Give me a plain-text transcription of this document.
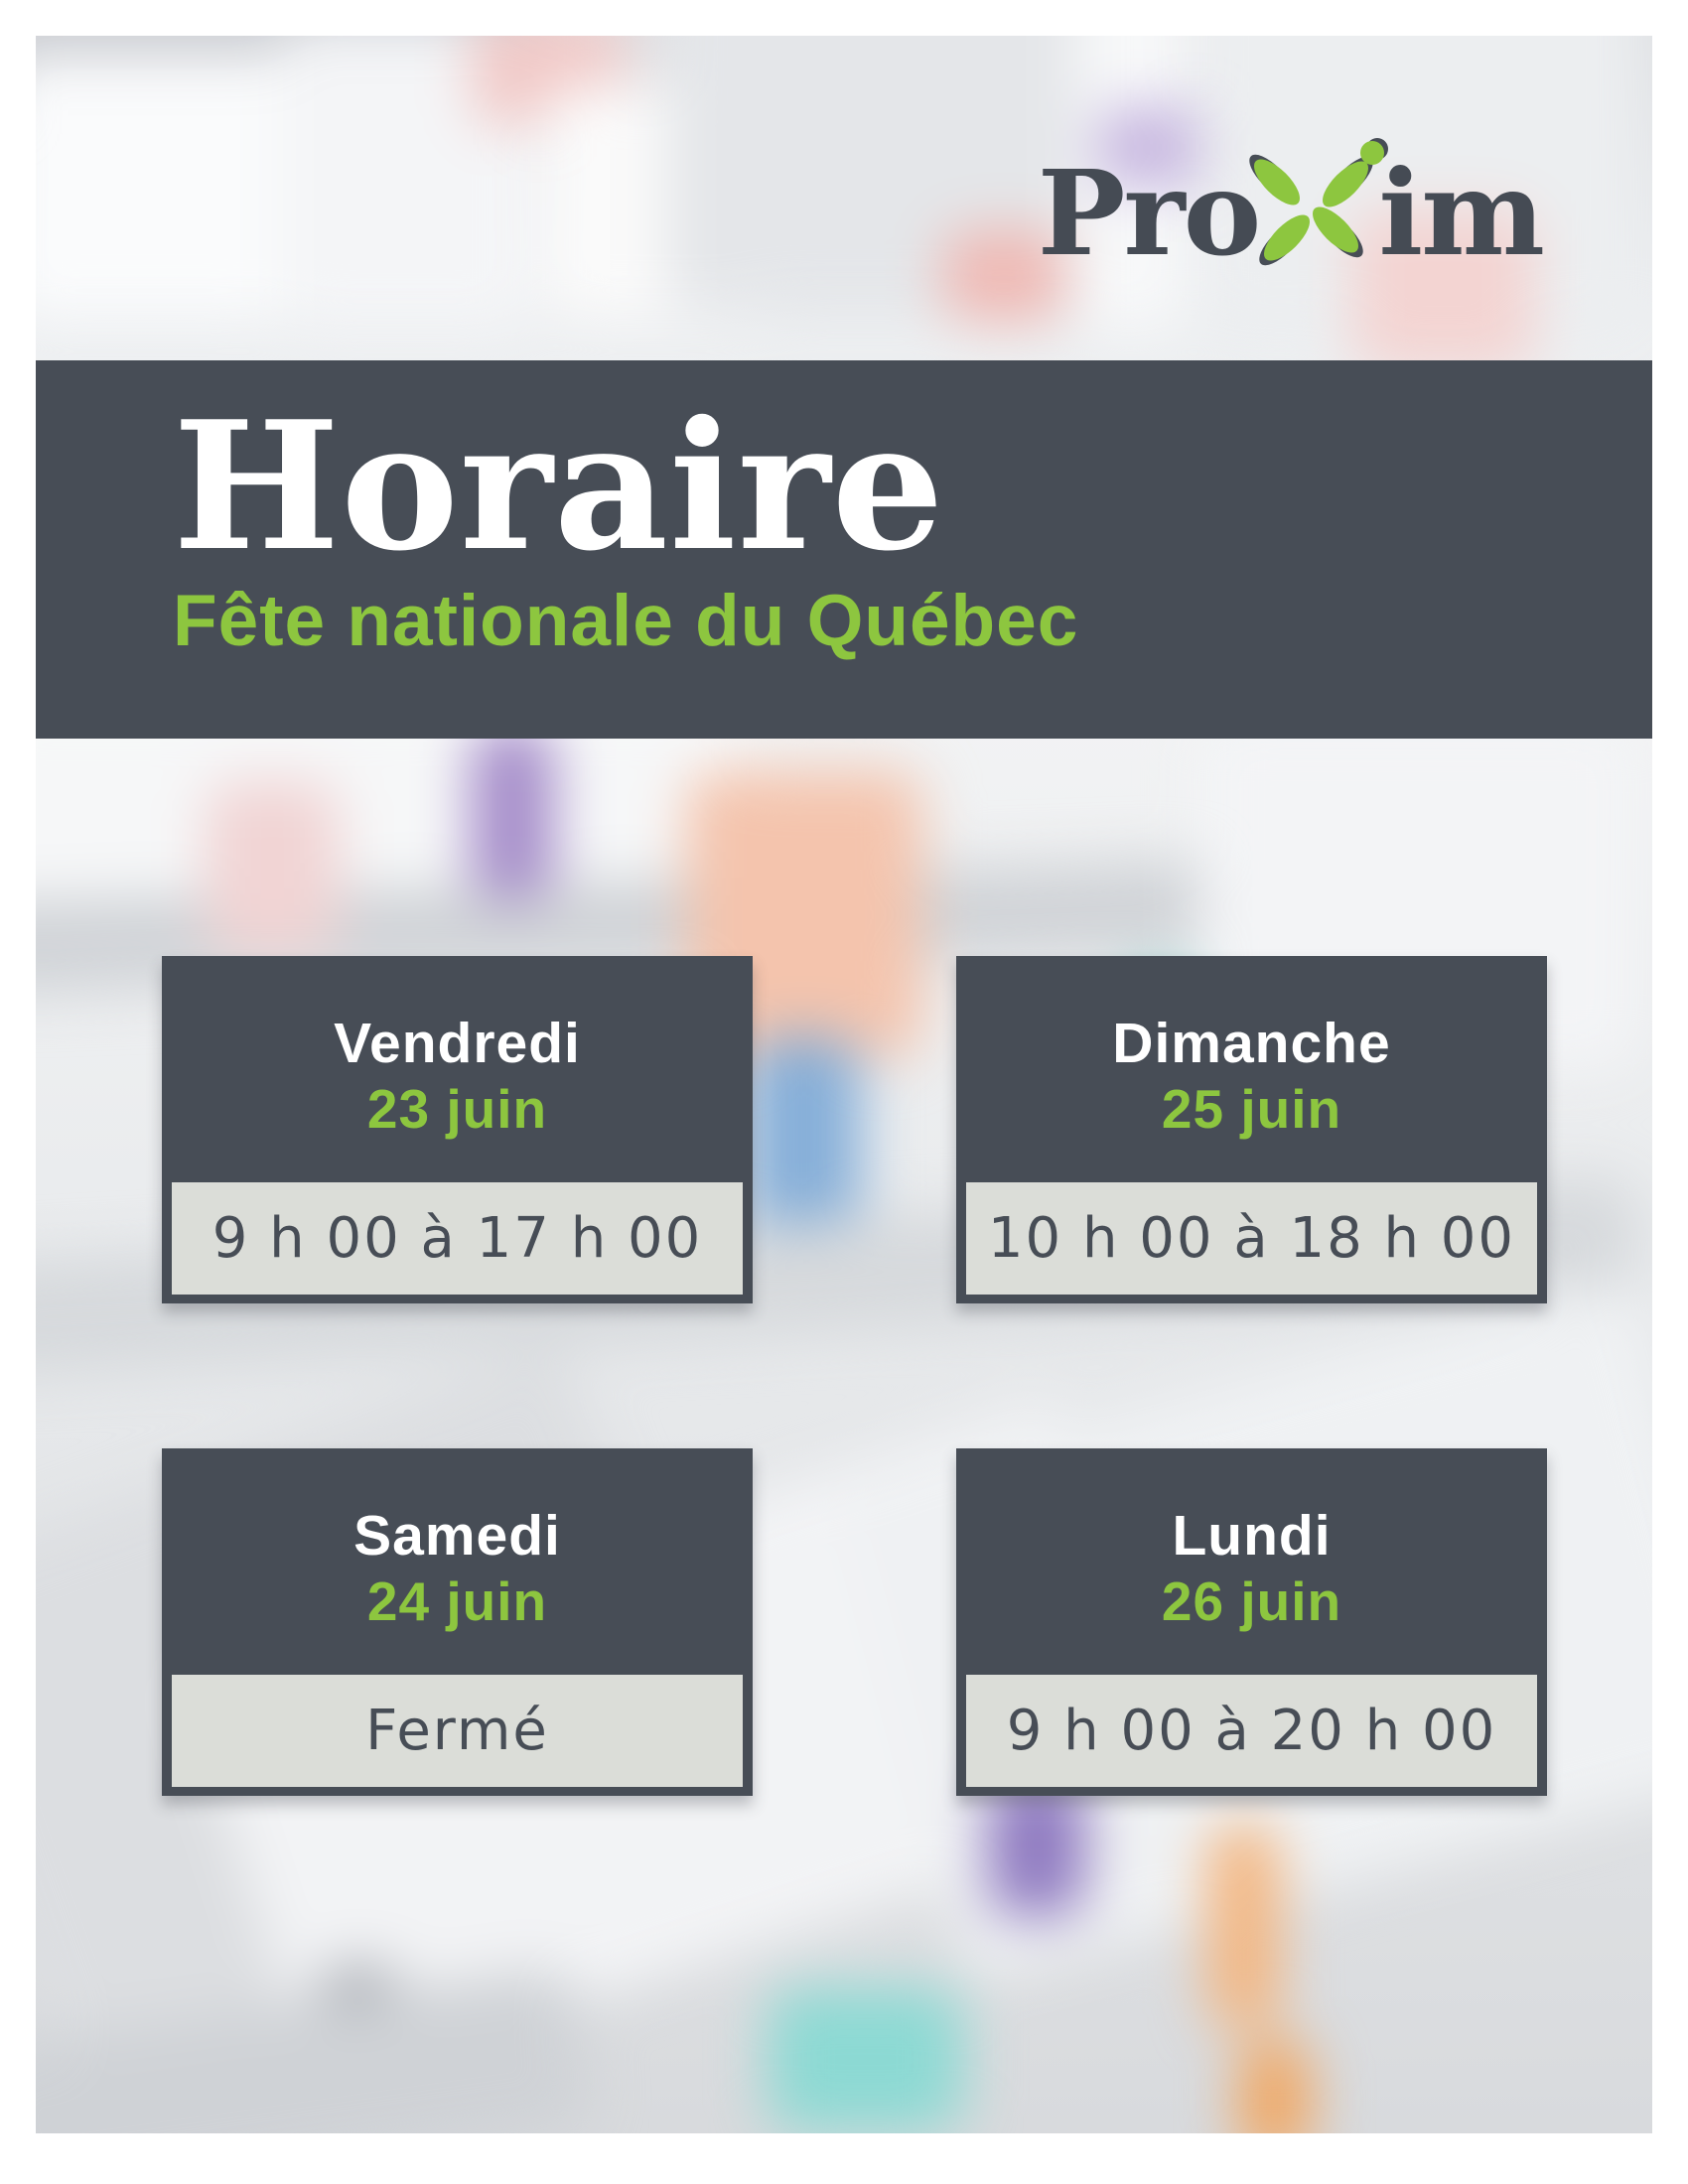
Pro im
Horaire
Fête nationale du Québec
Vendredi
23 juin
9 h 00 à 17 h 00
Dimanche
25 juin
10 h 00 à 18 h 00
Samedi
24 juin
Fermé
Lundi
26 juin
9 h 00 à 20 h 00
